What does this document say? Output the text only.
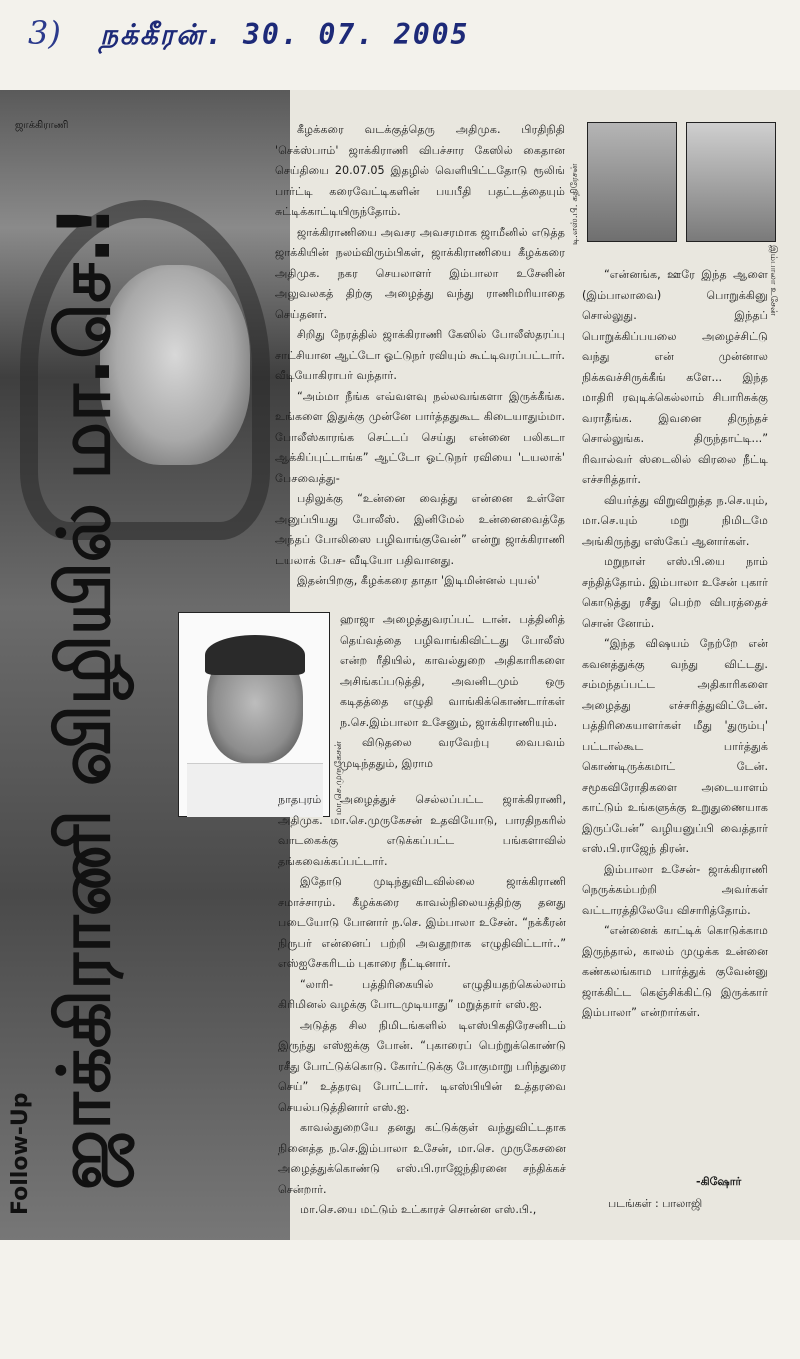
3) நக்கீரன். 30. 07. 2005
ஜாக்கிராணி
ஜாக்கிராணி விழியில் மா.செ.!
Follow-Up

கீழக்கரை வடக்குத்தெரு அதிமுக. பிரதிநிதி 'செக்ஸ்பாம்' ஜாக்கிராணி விபச்சார கேஸில் கைதான செய்தியை 20.07.05 இதழில் வெளியிட்டதோடு ரூலிங் பார்ட்டி கரைவேட்டிகளின் பயபீதி பதட்டத்தையும் சுட்டிக்காட்டியிருந்தோம்.

ஜாக்கிராணியை அவசர அவசரமாக ஜாமீனில் எடுத்த ஜாக்கியின் நலம்விரும்பிகள், ஜாக்கிராணியை கீழக்கரை அதிமுக. நகர செயலாளர் இம்பாலா உசேனின் அலுவலகத் திற்கு அழைத்து வந்து ராணிமரியாதை செய்தனர்.

சிறிது நேரத்தில் ஜாக்கிராணி கேஸில் போலீஸ்தரப்பு சாட்சியான ஆட்டோ ஓட்டுநர் ரவியும் கூட்டிவரப்பட்டார். வீடியோகிராபர் வந்தார்.

“அம்மா நீங்க எவ்வளவு நல்லவங்களா இருக்கீங்க. உங்களை இதுக்கு முன்னே பார்த்ததுகூட கிடையாதும்மா. போலீஸ்காரங்க செட்டப் செய்து என்னை பலிகடா ஆக்கிப்புட்டாங்க” ஆட்டோ ஓட்டுநர் ரவியை 'டயலாக்' பேசவைத்து-

பதிலுக்கு “உன்னை வைத்து என்னை உள்ளே அனுப்பியது போலீஸ். இனிமேல் உன்னைவைத்தே அந்தப் போலிஸை பழிவாங்குவேன்” என்று ஜாக்கிராணி டயலாக் பேச- வீடியோ பதிவானது.

இதன்பிறகு, கீழக்கரை தாதா 'இடிமின்னல் புயல்'

மா.செ.முருகேசன்

ஹாஜா அழைத்துவரப்பட் டான். பத்தினித் தெய்வத்தை பழிவாங்கிவிட்டது போலீஸ் என்ற ரீதியில், காவல்துறை அதிகாரிகளை அசிங்கப்படுத்தி, அவனிடமும் ஒரு கடிதத்தை எழுதி வாங்கிக்கொண்டார்கள் ந.செ.இம்பாலா உசேனும், ஜாக்கிராணியும்.

விடுதலை வரவேற்பு வைபவம் முடிந்ததும், இராம

நாதபுரம் அழைத்துச் செல்லப்பட்ட ஜாக்கிராணி, அதிமுக. மா.செ.முருகேசன் உதவியோடு, பாரதிநகரில் வாடகைக்கு எடுக்கப்பட்ட பங்களாவில் தங்கவைக்கப்பட்டார்.

இதோடு முடிந்துவிடவில்லை ஜாக்கிராணி சமாச்சாரம். கீழக்கரை காவல்நிலையத்திற்கு தனது படையோடு போனார் ந.செ. இம்பாலா உசேன். “நக்கீரன் நிருபர் என்னைப் பற்றி அவதூறாக எழுதிவிட்டார்..” எஸ்ஐசேகரிடம் புகாரை நீட்டினார்.

“லாரி- பத்திரிகையில் எழுதியதற்கெல்லாம் கிரிமினல் வழக்கு போடமுடியாது” மறுத்தார் எஸ்.ஐ.

அடுத்த சில நிமிடங்களில் டிஎஸ்பிகதிரேசனிடம் இருந்து எஸ்ஐக்கு போன். “புகாரைப் பெற்றுக்கொண்டு ரசீது போட்டுக்கொடு. கோர்ட்டுக்கு போகுமாறு பரிந்துரை செய்” உத்தரவு போட்டார். டிஎஸ்பியின் உத்தரவை செயல்படுத்தினார் எஸ்.ஐ.

காவல்துறையே தனது கட்டுக்குள் வந்துவிட்டதாக நினைத்த ந.செ.இம்பாலா உசேன், மா.செ. முருகேசனை அழைத்துக்கொண்டு எஸ்.பி.ராஜேந்திரனை சந்திக்கச் சென்றார்.

மா.செ.யை மட்டும் உட்காரச் சொன்ன எஸ்.பி.,

டி.எஸ்.பி. கதிரேசன்
இம்பாலா உசேன்

“என்னங்க, ஊரே இந்த ஆளை (இம்பாலாவை) பொறுக்கினு சொல்லுது. இந்தப் பொறுக்கிப்பயலை அழைச்சிட்டு வந்து என் முன்னால நிக்கவச்சிருக்கீங் களே... இந்த மாதிரி ரவுடிக்கெல்லாம் சிபாரிசுக்கு வராதீங்க. இவனை திருந்தச் சொல்லுங்க. திருந்தாட்டி...” ரிவால்வர் ஸ்டைலில் விரலை நீட்டி எச்சரித்தார்.

வியர்த்து விறுவிறுத்த ந.செ.யும், மா.செ.யும் மறு நிமிடமே அங்கிருந்து எஸ்கேப் ஆனார்கள்.

மறுநாள் எஸ்.பி.யை நாம் சந்தித்தோம். இம்பாலா உசேன் புகார் கொடுத்து ரசீது பெற்ற விபரத்தைச் சொன் னோம்.

“இந்த விஷயம் நேற்றே என் கவனத்துக்கு வந்து விட்டது. சம்மந்தப்பட்ட அதிகாரிகளை அழைத்து எச்சரித்துவிட்டேன். பத்திரிகையாளர்கள் மீது 'துரும்பு' பட்டால்கூட பார்த்துக் கொண்டிருக்கமாட் டேன். சமூகவிரோதிகளை அடையாளம் காட்டும் உங்களுக்கு உறுதுணையாக இருப்பேன்” வழியனுப்பி வைத்தார் எஸ்.பி.ராஜேந் திரன்.

இம்பாலா உசேன்- ஜாக்கிராணி நெருக்கம்பற்றி அவர்கள் வட்டாரத்திலேயே விசாரித்தோம்.

“என்னைக் காட்டிக் கொடுக்காம இருந்தால், காலம் முழுக்க உன்னை கண்கலங்காம பார்த்துக் குவேன்னு ஜாக்கிட்ட கெஞ்சிக்கிட்டு இருக்கார் இம்பாலா” என்றார்கள்.

-கிஷோர்
படங்கள் : பாலாஜி
